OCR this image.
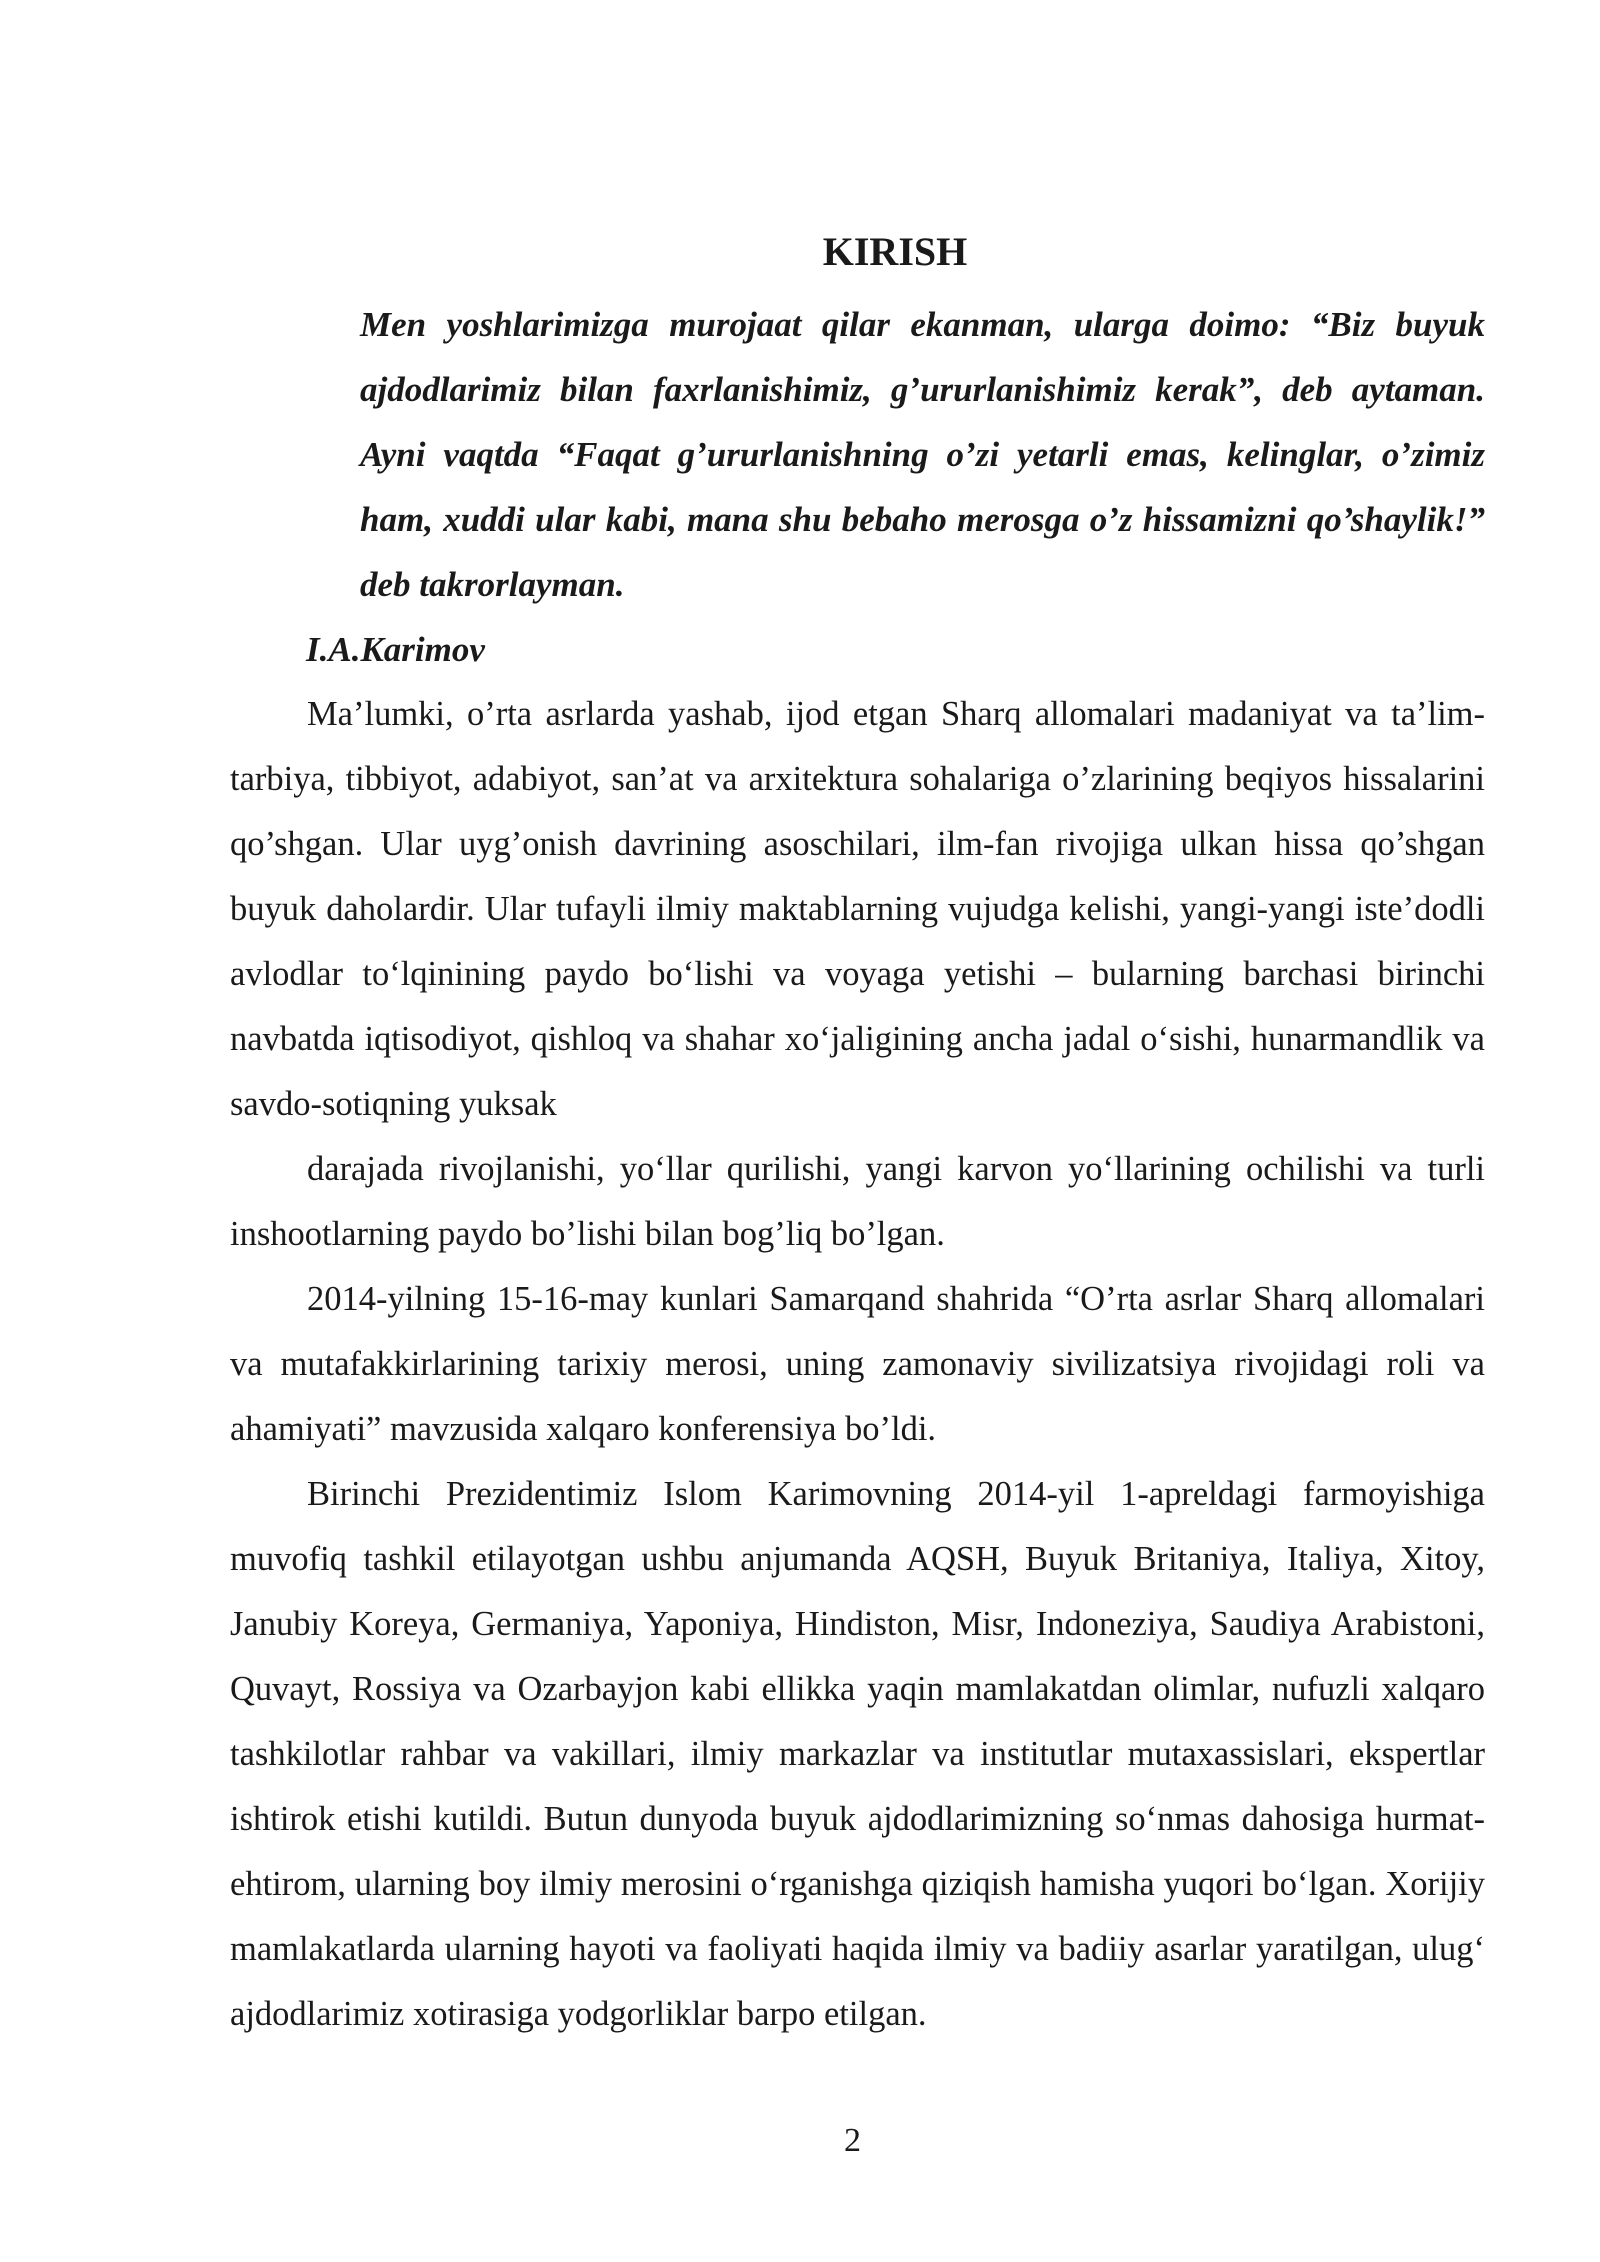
KIRISH

Men yoshlarimizga murojaat qilar ekanman, ularga doimo: “Biz buyuk ajdodlarimiz bilan faxrlanishimiz, g’ururlanishimiz kerak”, deb aytaman. Ayni vaqtda “Faqat g’ururlanishning o’zi yetarli emas, kelinglar, o’zimiz ham, xuddi ular kabi, mana shu bebaho merosga o’z hissamizni qo’shaylik!” deb takrorlayman.

I.A.Karimov

Ma’lumki, o’rta asrlarda yashab, ijod etgan Sharq allomalari madaniyat va ta’lim-tarbiya, tibbiyot, adabiyot, san’at va arxitektura sohalariga o’zlarining beqiyos hissalarini qo’shgan. Ular uyg’onish davrining asoschilari, ilm-fan rivojiga ulkan hissa qo’shgan buyuk daholardir. Ular tufayli ilmiy maktablarning vujudga kelishi, yangi-yangi iste’dodli avlodlar to‘lqinining paydo bo‘lishi va voyaga yetishi – bularning barchasi birinchi navbatda iqtisodiyot, qishloq va shahar xo‘jaligining ancha jadal o‘sishi, hunarmandlik va savdo-sotiqning yuksak

darajada rivojlanishi, yo‘llar qurilishi, yangi karvon yo‘llarining ochilishi va turli inshootlarning paydo bo’lishi bilan bog’liq bo’lgan.

2014-yilning 15-16-may kunlari Samarqand shahrida “O’rta asrlar Sharq allomalari va mutafakkirlarining tarixiy merosi, uning zamonaviy sivilizatsiya rivojidagi roli va ahamiyati” mavzusida xalqaro konferensiya bo’ldi.

Birinchi Prezidentimiz Islom Karimovning 2014-yil 1-apreldagi farmoyishiga muvofiq tashkil etilayotgan ushbu anjumanda AQSH, Buyuk Britaniya, Italiya, Xitoy, Janubiy Koreya, Germaniya, Yaponiya, Hindiston, Misr, Indoneziya, Saudiya Arabistoni, Quvayt, Rossiya va Ozarbayjon kabi ellikka yaqin mamlakatdan olimlar, nufuzli xalqaro tashkilotlar rahbar va vakillari, ilmiy markazlar va institutlar mutaxassislari, ekspertlar ishtirok etishi kutildi. Butun dunyoda buyuk ajdodlarimizning so‘nmas dahosiga hurmat-ehtirom, ularning boy ilmiy merosini o‘rganishga qiziqish hamisha yuqori bo‘lgan. Xorijiy mamlakatlarda ularning hayoti va faoliyati haqida ilmiy va badiiy asarlar yaratilgan, ulug‘ ajdodlarimiz xotirasiga yodgorliklar barpo etilgan.

2
